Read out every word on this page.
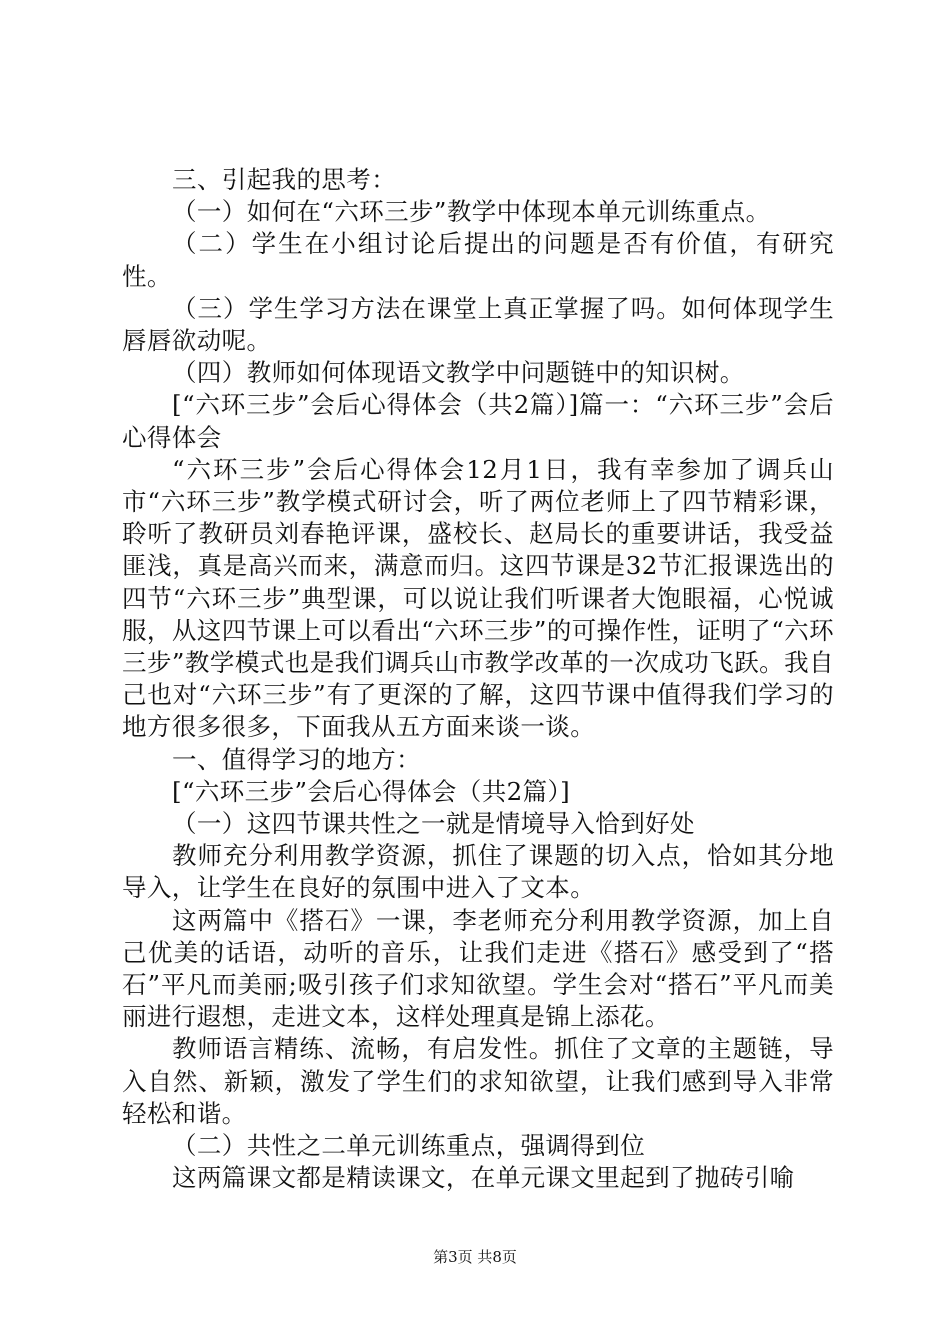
三、引起我的思考：

（一）如何在“六环三步”教学中体现本单元训练重点。

（二）学生在小组讨论后提出的问题是否有价值，有研究性。

（三）学生学习方法在课堂上真正掌握了吗。如何体现学生唇唇欲动呢。

（四）教师如何体现语文教学中问题链中的知识树。

[“六环三步”会后心得体会（共2篇）]篇一：“六环三步”会后心得体会

“六环三步”会后心得体会12月1日，我有幸参加了调兵山市“六环三步”教学模式研讨会，听了两位老师上了四节精彩课，聆听了教研员刘春艳评课，盛校长、赵局长的重要讲话，我受益匪浅，真是高兴而来，满意而归。这四节课是32节汇报课选出的四节“六环三步”典型课，可以说让我们听课者大饱眼福，心悦诚服，从这四节课上可以看出“六环三步”的可操作性，证明了“六环三步”教学模式也是我们调兵山市教学改革的一次成功飞跃。我自己也对“六环三步”有了更深的了解，这四节课中值得我们学习的地方很多很多，下面我从五方面来谈一谈。

一、值得学习的地方：

[“六环三步”会后心得体会（共2篇）]

（一）这四节课共性之一就是情境导入恰到好处

教师充分利用教学资源，抓住了课题的切入点，恰如其分地导入，让学生在良好的氛围中进入了文本。

这两篇中《搭石》一课，李老师充分利用教学资源，加上自己优美的话语，动听的音乐，让我们走进《搭石》感受到了“搭石”平凡而美丽;吸引孩子们求知欲望。学生会对“搭石”平凡而美丽进行遐想，走进文本，这样处理真是锦上添花。

教师语言精练、流畅，有启发性。抓住了文章的主题链，导入自然、新颖，激发了学生们的求知欲望，让我们感到导入非常轻松和谐。

（二）共性之二单元训练重点，强调得到位

这两篇课文都是精读课文，在单元课文里起到了抛砖引喻

第3页 共8页
